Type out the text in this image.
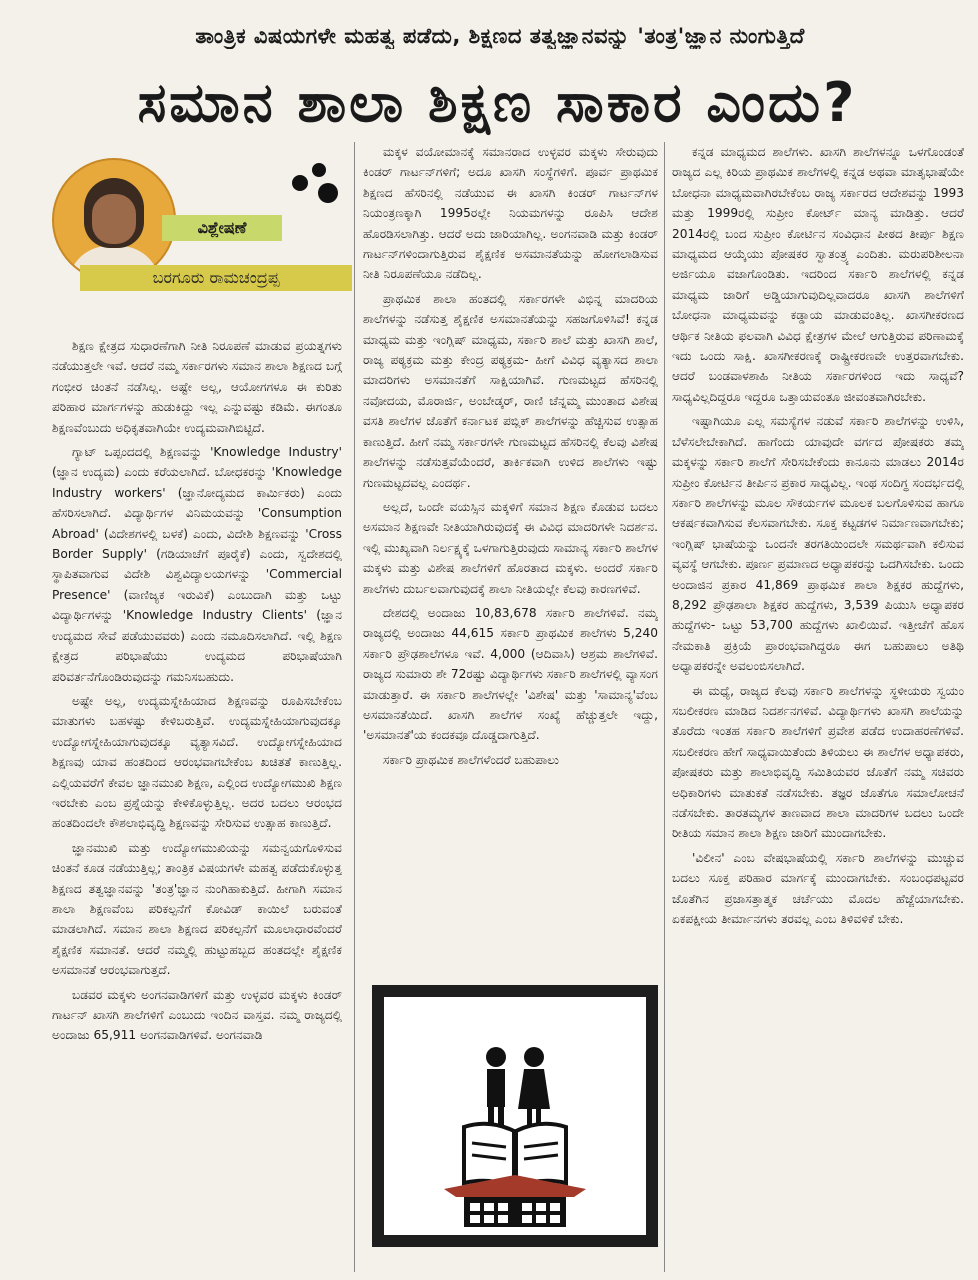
ತಾಂತ್ರಿಕ ವಿಷಯಗಳೇ ಮಹತ್ವ ಪಡೆದು, ಶಿಕ್ಷಣದ ತತ್ವಜ್ಞಾನವನ್ನು 'ತಂತ್ರ'ಜ್ಞಾನ ನುಂಗುತ್ತಿದೆ
ಸಮಾನ ಶಾಲಾ ಶಿಕ್ಷಣ ಸಾಕಾರ ಎಂದು?
ವಿಶ್ಲೇಷಣೆ
ಬರಗೂರು ರಾಮಚಂದ್ರಪ್ಪ

ಶಿಕ್ಷಣ ಕ್ಷೇತ್ರದ ಸುಧಾರಣೆಗಾಗಿ ನೀತಿ ನಿರೂಪಣೆ ಮಾಡುವ ಪ್ರಯತ್ನಗಳು ನಡೆಯುತ್ತಲೇ ಇವೆ. ಆದರೆ ನಮ್ಮ ಸರ್ಕಾರಗಳು ಸಮಾನ ಶಾಲಾ ಶಿಕ್ಷಣದ ಬಗ್ಗೆ ಗಂಭೀರ ಚಿಂತನೆ ನಡೆಸಿಲ್ಲ. ಅಷ್ಟೇ ಅಲ್ಲ, ಆಯೋಗಗಳೂ ಈ ಕುರಿತು ಪರಿಹಾರ ಮಾರ್ಗಗಳನ್ನು ಹುಡುಕಿದ್ದು ಇಲ್ಲ ಎನ್ನುವಷ್ಟು ಕಡಿಮೆ. ಈಗಂತೂ ಶಿಕ್ಷಣವೆಂಬುದು ಅಧಿಕೃತವಾಗಿಯೇ ಉದ್ಯಮವಾಗಿಬಿಟ್ಟಿದೆ.

ಗ್ಯಾಟ್ ಒಪ್ಪಂದದಲ್ಲಿ ಶಿಕ್ಷಣವನ್ನು 'Knowledge Industry' (ಜ್ಞಾನ ಉದ್ಯಮ) ಎಂದು ಕರೆಯಲಾಗಿದೆ. ಬೋಧಕರನ್ನು 'Knowledge Industry workers' (ಜ್ಞಾನೋದ್ಯಮದ ಕಾರ್ಮಿಕರು) ಎಂದು ಹೆಸರಿಸಲಾಗಿದೆ. ವಿದ್ಯಾರ್ಥಿಗಳ ವಿನಿಮಯವನ್ನು 'Consumption Abroad' (ವಿದೇಶಗಳಲ್ಲಿ ಬಳಕೆ) ಎಂದು, ವಿದೇಶಿ ಶಿಕ್ಷಣವನ್ನು 'Cross Border Supply' (ಗಡಿಯಾಚೆಗೆ ಪೂರೈಕೆ) ಎಂದು, ಸ್ವದೇಶದಲ್ಲಿ ಸ್ಥಾಪಿತವಾಗುವ ವಿದೇಶಿ ವಿಶ್ವವಿದ್ಯಾಲಯಗಳನ್ನು 'Commercial Presence' (ವಾಣಿಜ್ಯಕ ಇರುವಿಕೆ) ಎಂಬುದಾಗಿ ಮತ್ತು ಒಟ್ಟು ವಿದ್ಯಾರ್ಥಿಗಳನ್ನು 'Knowledge Industry Clients' (ಜ್ಞಾನ ಉದ್ಯಮದ ಸೇವೆ ಪಡೆಯುವವರು) ಎಂದು ನಮೂದಿಸಲಾಗಿದೆ. ಇಲ್ಲಿ ಶಿಕ್ಷಣ ಕ್ಷೇತ್ರದ ಪರಿಭಾಷೆಯು ಉದ್ಯಮದ ಪರಿಭಾಷೆಯಾಗಿ ಪರಿವರ್ತನೆಗೊಂಡಿರುವುದನ್ನು ಗಮನಿಸಬಹುದು.

ಅಷ್ಟೇ ಅಲ್ಲ, ಉದ್ಯಮಸ್ನೇಹಿಯಾದ ಶಿಕ್ಷಣವನ್ನು ರೂಪಿಸಬೇಕೆಂಬ ಮಾತುಗಳು ಬಹಳಷ್ಟು ಕೇಳಿಬರುತ್ತಿವೆ. ಉದ್ಯಮಸ್ನೇಹಿಯಾಗುವುದಕ್ಕೂ ಉದ್ಯೋಗಸ್ನೇಹಿಯಾಗುವುದಕ್ಕೂ ವ್ಯತ್ಯಾಸವಿದೆ. ಉದ್ಯೋಗಸ್ನೇಹಿಯಾದ ಶಿಕ್ಷಣವು ಯಾವ ಹಂತದಿಂದ ಆರಂಭವಾಗಬೇಕೆಂಬ ಖಚಿತತೆ ಕಾಣುತ್ತಿಲ್ಲ. ಎಲ್ಲಿಯವರೆಗೆ ಕೇವಲ ಜ್ಞಾನಮುಖಿ ಶಿಕ್ಷಣ, ಎಲ್ಲಿಂದ ಉದ್ಯೋಗಮುಖಿ ಶಿಕ್ಷಣ ಇರಬೇಕು ಎಂಬ ಪ್ರಶ್ನೆಯನ್ನು ಕೇಳಿಕೊಳ್ಳುತ್ತಿಲ್ಲ. ಅದರ ಬದಲು ಆರಂಭದ ಹಂತದಿಂದಲೇ ಕೌಶಲಾಭಿವೃದ್ಧಿ ಶಿಕ್ಷಣವನ್ನು ಸೇರಿಸುವ ಉತ್ಸಾಹ ಕಾಣುತ್ತಿದೆ.

ಜ್ಞಾನಮುಖಿ ಮತ್ತು ಉದ್ಯೋಗಮುಖಿಯನ್ನು ಸಮನ್ವಯಗೊಳಿಸುವ ಚಿಂತನೆ ಕೂಡ ನಡೆಯುತ್ತಿಲ್ಲ; ತಾಂತ್ರಿಕ ವಿಷಯಗಳೇ ಮಹತ್ವ ಪಡೆದುಕೊಳ್ಳುತ್ತ ಶಿಕ್ಷಣದ ತತ್ವಜ್ಞಾನವನ್ನು 'ತಂತ್ರ'ಜ್ಞಾನ ನುಂಗಿಹಾಕುತ್ತಿದೆ. ಹೀಗಾಗಿ ಸಮಾನ ಶಾಲಾ ಶಿಕ್ಷಣವೆಂಬ ಪರಿಕಲ್ಪನೆಗೆ ಕೋವಿಡ್ ಕಾಯಿಲೆ ಬರುವಂತೆ ಮಾಡಲಾಗಿದೆ. ಸಮಾನ ಶಾಲಾ ಶಿಕ್ಷಣದ ಪರಿಕಲ್ಪನೆಗೆ ಮೂಲಾಧಾರವೆಂದರೆ ಶೈಕ್ಷಣಿಕ ಸಮಾನತೆ. ಆದರೆ ನಮ್ಮಲ್ಲಿ ಹುಟ್ಟುಹಬ್ಬದ ಹಂತದಲ್ಲೇ ಶೈಕ್ಷಣಿಕ ಅಸಮಾನತೆ ಆರಂಭವಾಗುತ್ತದೆ.

ಬಡವರ ಮಕ್ಕಳು ಅಂಗನವಾಡಿಗಳಿಗೆ ಮತ್ತು ಉಳ್ಳವರ ಮಕ್ಕಳು ಕಿಂಡರ್ ಗಾರ್ಟನ್ ಖಾಸಗಿ ಶಾಲೆಗಳಿಗೆ ಎಂಬುದು ಇಂದಿನ ವಾಸ್ತವ. ನಮ್ಮ ರಾಜ್ಯದಲ್ಲಿ ಅಂದಾಜು 65,911 ಅಂಗನವಾಡಿಗಳಿವೆ. ಅಂಗನವಾಡಿ

ಮಕ್ಕಳ ವಯೋಮಾನಕ್ಕೆ ಸಮಾನರಾದ ಉಳ್ಳವರ ಮಕ್ಕಳು ಸೇರುವುದು ಕಿಂಡರ್ ಗಾರ್ಟನ್‌ಗಳಿಗೆ; ಅದೂ ಖಾಸಗಿ ಸಂಸ್ಥೆಗಳಿಗೆ. ಪೂರ್ವ ಪ್ರಾಥಮಿಕ ಶಿಕ್ಷಣದ ಹೆಸರಿನಲ್ಲಿ ನಡೆಯುವ ಈ ಖಾಸಗಿ ಕಿಂಡರ್ ಗಾರ್ಟನ್‌ಗಳ ನಿಯಂತ್ರಣಕ್ಕಾಗಿ 1995ರಲ್ಲೇ ನಿಯಮಗಳನ್ನು ರೂಪಿಸಿ ಆದೇಶ ಹೊರಡಿಸಲಾಗಿತ್ತು. ಆದರೆ ಅದು ಜಾರಿಯಾಗಿಲ್ಲ. ಅಂಗನವಾಡಿ ಮತ್ತು ಕಿಂಡರ್ ಗಾರ್ಟನ್‌ಗಳಿಂದಾಗುತ್ತಿರುವ ಶೈಕ್ಷಣಿಕ ಅಸಮಾನತೆಯನ್ನು ಹೋಗಲಾಡಿಸುವ ನೀತಿ ನಿರೂಪಣೆಯೂ ನಡೆದಿಲ್ಲ.

ಪ್ರಾಥಮಿಕ ಶಾಲಾ ಹಂತದಲ್ಲಿ ಸರ್ಕಾರಗಳೇ ವಿಭಿನ್ನ ಮಾದರಿಯ ಶಾಲೆಗಳನ್ನು ನಡೆಸುತ್ತ ಶೈಕ್ಷಣಿಕ ಅಸಮಾನತೆಯನ್ನು ಸಹಜಗೊಳಿಸಿವೆ! ಕನ್ನಡ ಮಾಧ್ಯಮ ಮತ್ತು ಇಂಗ್ಲಿಷ್ ಮಾಧ್ಯಮ, ಸರ್ಕಾರಿ ಶಾಲೆ ಮತ್ತು ಖಾಸಗಿ ಶಾಲೆ, ರಾಜ್ಯ ಪಠ್ಯಕ್ರಮ ಮತ್ತು ಕೇಂದ್ರ ಪಠ್ಯಕ್ರಮ- ಹೀಗೆ ವಿವಿಧ ವ್ಯತ್ಯಾಸದ ಶಾಲಾ ಮಾದರಿಗಳು ಅಸಮಾನತೆಗೆ ಸಾಕ್ಷಿಯಾಗಿವೆ. ಗುಣಮಟ್ಟದ ಹೆಸರಿನಲ್ಲಿ ನವೋದಯ, ಮೊರಾರ್ಜಿ, ಅಂಬೇಡ್ಕರ್, ರಾಣಿ ಚೆನ್ನಮ್ಮ ಮುಂತಾದ ವಿಶೇಷ ವಸತಿ ಶಾಲೆಗಳ ಜೊತೆಗೆ ಕರ್ನಾಟಕ ಪಬ್ಲಿಕ್ ಶಾಲೆಗಳನ್ನು ಹೆಚ್ಚಿಸುವ ಉತ್ಸಾಹ ಕಾಣುತ್ತಿದೆ. ಹೀಗೆ ನಮ್ಮ ಸರ್ಕಾರಗಳೇ ಗುಣಮಟ್ಟದ ಹೆಸರಿನಲ್ಲಿ ಕೆಲವು ವಿಶೇಷ ಶಾಲೆಗಳನ್ನು ನಡೆಸುತ್ತವೆಯೆಂದರೆ, ತಾರ್ಕಿಕವಾಗಿ ಉಳಿದ ಶಾಲೆಗಳು ಇಷ್ಟು ಗುಣಮಟ್ಟದವಲ್ಲ ಎಂದರ್ಥ.

ಅಲ್ಲದೆ, ಒಂದೇ ವಯಸ್ಸಿನ ಮಕ್ಕಳಿಗೆ ಸಮಾನ ಶಿಕ್ಷಣ ಕೊಡುವ ಬದಲು ಅಸಮಾನ ಶಿಕ್ಷಣವೇ ನೀತಿಯಾಗಿರುವುದಕ್ಕೆ ಈ ವಿವಿಧ ಮಾದರಿಗಳೇ ನಿದರ್ಶನ. ಇಲ್ಲಿ ಮುಖ್ಯವಾಗಿ ನಿರ್ಲಕ್ಷ್ಯಕ್ಕೆ ಒಳಗಾಗುತ್ತಿರುವುದು ಸಾಮಾನ್ಯ ಸರ್ಕಾರಿ ಶಾಲೆಗಳ ಮಕ್ಕಳು ಮತ್ತು ವಿಶೇಷ ಶಾಲೆಗಳಿಗೆ ಹೊರತಾದ ಮಕ್ಕಳು. ಅಂದರೆ ಸರ್ಕಾರಿ ಶಾಲೆಗಳು ದುರ್ಬಲವಾಗುವುದಕ್ಕೆ ಶಾಲಾ ನೀತಿಯಲ್ಲೇ ಕೆಲವು ಕಾರಣಗಳಿವೆ.

ದೇಶದಲ್ಲಿ ಅಂದಾಜು 10,83,678 ಸರ್ಕಾರಿ ಶಾಲೆಗಳಿವೆ. ನಮ್ಮ ರಾಜ್ಯದಲ್ಲಿ ಅಂದಾಜು 44,615 ಸರ್ಕಾರಿ ಪ್ರಾಥಮಿಕ ಶಾಲೆಗಳು 5,240 ಸರ್ಕಾರಿ ಪ್ರೌಢಶಾಲೆಗಳೂ ಇವೆ. 4,000 (ಆದಿವಾಸಿ) ಆಶ್ರಮ ಶಾಲೆಗಳಿವೆ. ರಾಜ್ಯದ ಸುಮಾರು ಶೇ 72ರಷ್ಟು ವಿದ್ಯಾರ್ಥಿಗಳು ಸರ್ಕಾರಿ ಶಾಲೆಗಳಲ್ಲಿ ವ್ಯಾಸಂಗ ಮಾಡುತ್ತಾರೆ. ಈ ಸರ್ಕಾರಿ ಶಾಲೆಗಳಲ್ಲೇ 'ವಿಶೇಷ' ಮತ್ತು 'ಸಾಮಾನ್ಯ'ವೆಂಬ ಅಸಮಾನತೆಯಿದೆ. ಖಾಸಗಿ ಶಾಲೆಗಳ ಸಂಖ್ಯೆ ಹೆಚ್ಚುತ್ತಲೇ ಇದ್ದು, 'ಅಸಮಾನತೆ'ಯ ಕಂದಕವೂ ದೊಡ್ಡದಾಗುತ್ತಿದೆ.

ಸರ್ಕಾರಿ ಪ್ರಾಥಮಿಕ ಶಾಲೆಗಳೆಂದರೆ ಬಹುಪಾಲು

ಕನ್ನಡ ಮಾಧ್ಯಮದ ಶಾಲೆಗಳು. ಖಾಸಗಿ ಶಾಲೆಗಳನ್ನೂ ಒಳಗೊಂಡಂತೆ ರಾಜ್ಯದ ಎಲ್ಲ ಕಿರಿಯ ಪ್ರಾಥಮಿಕ ಶಾಲೆಗಳಲ್ಲಿ ಕನ್ನಡ ಅಥವಾ ಮಾತೃಭಾಷೆಯೇ ಬೋಧನಾ ಮಾಧ್ಯಮವಾಗಿರಬೇಕೆಂಬ ರಾಜ್ಯ ಸರ್ಕಾರದ ಆದೇಶವನ್ನು 1993 ಮತ್ತು 1999ರಲ್ಲಿ ಸುಪ್ರೀಂ ಕೋರ್ಟ್ ಮಾನ್ಯ ಮಾಡಿತ್ತು. ಆದರೆ 2014ರಲ್ಲಿ ಬಂದ ಸುಪ್ರೀಂ ಕೋರ್ಟಿನ ಸಂವಿಧಾನ ಪೀಠದ ತೀರ್ಪು ಶಿಕ್ಷಣ ಮಾಧ್ಯಮದ ಆಯ್ಕೆಯು ಪೋಷಕರ ಸ್ವಾತಂತ್ರ್ಯ ಎಂದಿತು. ಮರುಪರಿಶೀಲನಾ ಅರ್ಜಿಯೂ ವಜಾಗೊಂಡಿತು. ಇದರಿಂದ ಸರ್ಕಾರಿ ಶಾಲೆಗಳಲ್ಲಿ ಕನ್ನಡ ಮಾಧ್ಯಮ ಜಾರಿಗೆ ಅಡ್ಡಿಯಾಗುವುದಿಲ್ಲವಾದರೂ ಖಾಸಗಿ ಶಾಲೆಗಳಿಗೆ ಬೋಧನಾ ಮಾಧ್ಯಮವನ್ನು ಕಡ್ಡಾಯ ಮಾಡುವಂತಿಲ್ಲ. ಖಾಸಗೀಕರಣದ ಆರ್ಥಿಕ ನೀತಿಯ ಫಲವಾಗಿ ವಿವಿಧ ಕ್ಷೇತ್ರಗಳ ಮೇಲೆ ಆಗುತ್ತಿರುವ ಪರಿಣಾಮಕ್ಕೆ ಇದು ಒಂದು ಸಾಕ್ಷಿ. ಖಾಸಗೀಕರಣಕ್ಕೆ ರಾಷ್ಟ್ರೀಕರಣವೇ ಉತ್ತರವಾಗಬೇಕು. ಆದರೆ ಬಂಡವಾಳಶಾಹಿ ನೀತಿಯ ಸರ್ಕಾರಗಳಿಂದ ಇದು ಸಾಧ್ಯವೆ? ಸಾಧ್ಯವಿಲ್ಲದಿದ್ದರೂ ಇದ್ದರೂ ಒತ್ತಾಯವಂತೂ ಜೀವಂತವಾಗಿರಬೇಕು.

ಇಷ್ಟಾಗಿಯೂ ಎಲ್ಲ ಸಮಸ್ಯೆಗಳ ನಡುವೆ ಸರ್ಕಾರಿ ಶಾಲೆಗಳನ್ನು ಉಳಿಸಿ, ಬೆಳೆಸಲೇಬೇಕಾಗಿದೆ. ಹಾಗೆಂದು ಯಾವುದೇ ವರ್ಗದ ಪೋಷಕರು ತಮ್ಮ ಮಕ್ಕಳನ್ನು ಸರ್ಕಾರಿ ಶಾಲೆಗೆ ಸೇರಿಸಬೇಕೆಂದು ಕಾನೂನು ಮಾಡಲು 2014ರ ಸುಪ್ರೀಂ ಕೋರ್ಟಿನ ತೀರ್ಪಿನ ಪ್ರಕಾರ ಸಾಧ್ಯವಿಲ್ಲ. ಇಂಥ ಸಂದಿಗ್ಧ ಸಂದರ್ಭದಲ್ಲಿ ಸರ್ಕಾರಿ ಶಾಲೆಗಳನ್ನು ಮೂಲ ಸೌಕರ್ಯಗಳ ಮೂಲಕ ಬಲಗೊಳಿಸುವ ಹಾಗೂ ಆಕರ್ಷಕವಾಗಿಸುವ ಕೆಲಸವಾಗಬೇಕು. ಸೂಕ್ತ ಕಟ್ಟಡಗಳ ನಿರ್ಮಾಣವಾಗಬೇಕು; ಇಂಗ್ಲಿಷ್ ಭಾಷೆಯನ್ನು ಒಂದನೇ ತರಗತಿಯಿಂದಲೇ ಸಮರ್ಥವಾಗಿ ಕಲಿಸುವ ವ್ಯವಸ್ಥೆ ಆಗಬೇಕು. ಪೂರ್ಣ ಪ್ರಮಾಣದ ಅಧ್ಯಾಪಕರನ್ನು ಒದಗಿಸಬೇಕು. ಒಂದು ಅಂದಾಜಿನ ಪ್ರಕಾರ 41,869 ಪ್ರಾಥಮಿಕ ಶಾಲಾ ಶಿಕ್ಷಕರ ಹುದ್ದೆಗಳು, 8,292 ಪ್ರೌಢಶಾಲಾ ಶಿಕ್ಷಕರ ಹುದ್ದೆಗಳು, 3,539 ಪಿಯುಸಿ ಅಧ್ಯಾಪಕರ ಹುದ್ದೆಗಳು- ಒಟ್ಟು 53,700 ಹುದ್ದೆಗಳು ಖಾಲಿಯಿವೆ. ಇತ್ತೀಚೆಗೆ ಹೊಸ ನೇಮಕಾತಿ ಪ್ರಕ್ರಿಯೆ ಪ್ರಾರಂಭವಾಗಿದ್ದರೂ ಈಗ ಬಹುಪಾಲು ಅತಿಥಿ ಅಧ್ಯಾಪಕರನ್ನೇ ಅವಲಂಬಿಸಲಾಗಿದೆ.

ಈ ಮಧ್ಯೆ, ರಾಜ್ಯದ ಕೆಲವು ಸರ್ಕಾರಿ ಶಾಲೆಗಳನ್ನು ಸ್ಥಳೀಯರು ಸ್ವಯಂ ಸಬಲೀಕರಣ ಮಾಡಿದ ನಿದರ್ಶನಗಳಿವೆ. ವಿದ್ಯಾರ್ಥಿಗಳು ಖಾಸಗಿ ಶಾಲೆಯನ್ನು ತೊರೆದು ಇಂತಹ ಸರ್ಕಾರಿ ಶಾಲೆಗಳಿಗೆ ಪ್ರವೇಶ ಪಡೆದ ಉದಾಹರಣೆಗಳಿವೆ. ಸಬಲೀಕರಣ ಹೇಗೆ ಸಾಧ್ಯವಾಯಿತೆಂದು ತಿಳಿಯಲು ಈ ಶಾಲೆಗಳ ಅಧ್ಯಾಪಕರು, ಪೋಷಕರು ಮತ್ತು ಶಾಲಾಭಿವೃದ್ಧಿ ಸಮಿತಿಯವರ ಜೊತೆಗೆ ನಮ್ಮ ಸಚಿವರು ಅಧಿಕಾರಿಗಳು ಮಾತುಕತೆ ನಡೆಸಬೇಕು. ತಜ್ಞರ ಜೊತೆಗೂ ಸಮಾಲೋಚನೆ ನಡೆಸಬೇಕು. ತಾರತಮ್ಯಗಳ ತಾಣವಾದ ಶಾಲಾ ಮಾದರಿಗಳ ಬದಲು ಒಂದೇ ರೀತಿಯ ಸಮಾನ ಶಾಲಾ ಶಿಕ್ಷಣ ಜಾರಿಗೆ ಮುಂದಾಗಬೇಕು.

'ವಿಲೀನ' ಎಂಬ ವೇಷಭಾಷೆಯಲ್ಲಿ ಸರ್ಕಾರಿ ಶಾಲೆಗಳನ್ನು ಮುಚ್ಚುವ ಬದಲು ಸೂಕ್ತ ಪರಿಹಾರ ಮಾರ್ಗಕ್ಕೆ ಮುಂದಾಗಬೇಕು. ಸಂಬಂಧಪಟ್ಟವರ ಜೊತೆಗಿನ ಪ್ರಜಾಸತ್ತಾತ್ಮಕ ಚರ್ಚೆಯು ಮೊದಲ ಹೆಜ್ಜೆಯಾಗಬೇಕು. ಏಕಪಕ್ಷೀಯ ತೀರ್ಮಾನಗಳು ತರವಲ್ಲ ಎಂಬ ತಿಳಿವಳಿಕೆ ಬೇಕು.
